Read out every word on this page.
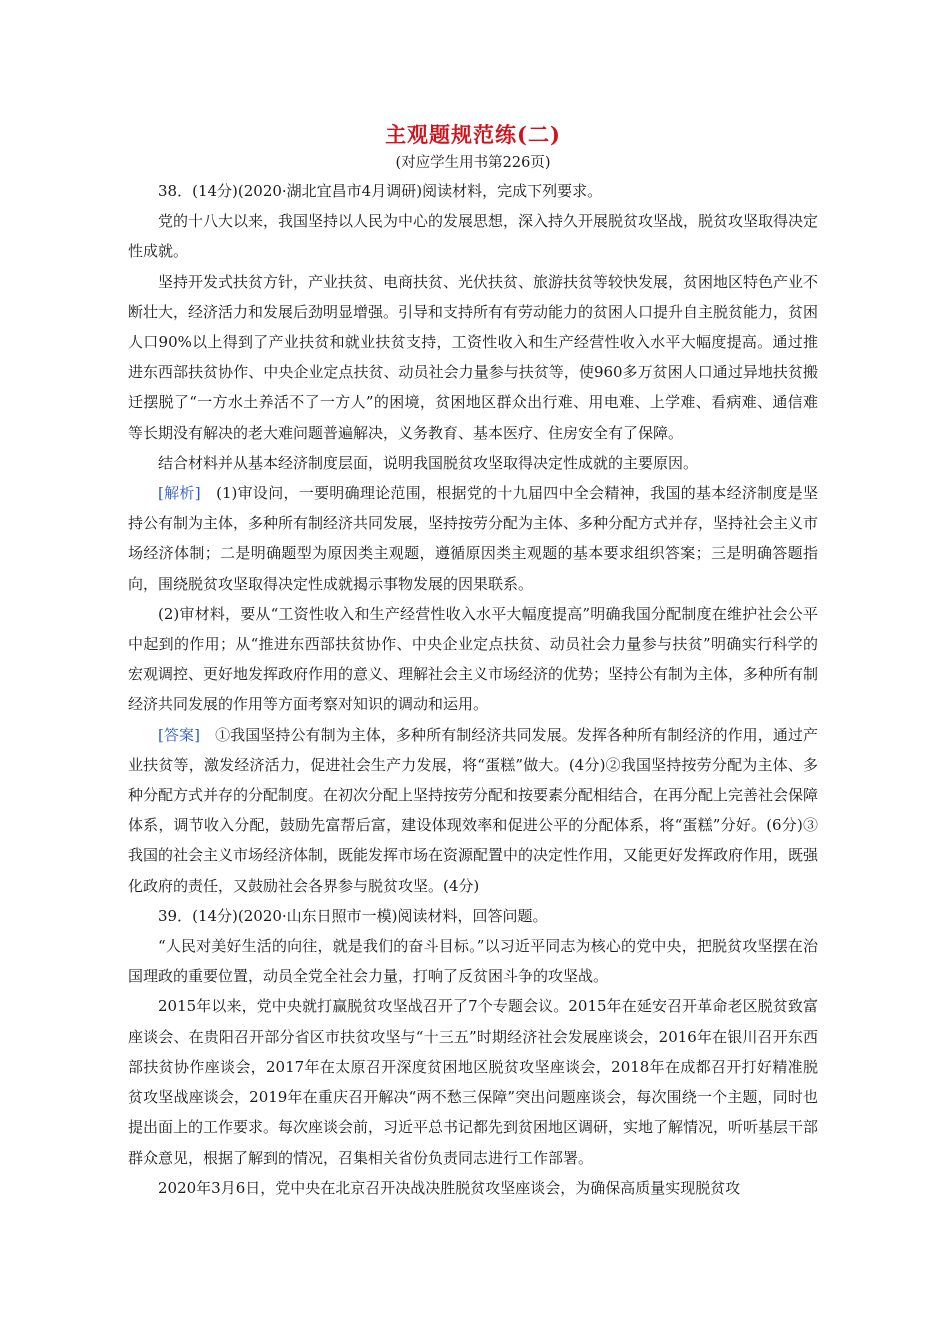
主观题规范练(二)
(对应学生用书第226页)

38．(14分)(2020·湖北宜昌市4月调研)阅读材料，完成下列要求。

党的十八大以来，我国坚持以人民为中心的发展思想，深入持久开展脱贫攻坚战，脱贫攻坚取得决定性成就。

坚持开发式扶贫方针，产业扶贫、电商扶贫、光伏扶贫、旅游扶贫等较快发展，贫困地区特色产业不断壮大，经济活力和发展后劲明显增强。引导和支持所有有劳动能力的贫困人口提升自主脱贫能力，贫困人口90%以上得到了产业扶贫和就业扶贫支持，工资性收入和生产经营性收入水平大幅度提高。通过推进东西部扶贫协作、中央企业定点扶贫、动员社会力量参与扶贫等，使960多万贫困人口通过异地扶贫搬迁摆脱了“一方水土养活不了一方人”的困境，贫困地区群众出行难、用电难、上学难、看病难、通信难等长期没有解决的老大难问题普遍解决，义务教育、基本医疗、住房安全有了保障。

结合材料并从基本经济制度层面，说明我国脱贫攻坚取得决定性成就的主要原因。

[解析]　(1)审设问，一要明确理论范围，根据党的十九届四中全会精神，我国的基本经济制度是坚持公有制为主体，多种所有制经济共同发展，坚持按劳分配为主体、多种分配方式并存，坚持社会主义市场经济体制；二是明确题型为原因类主观题，遵循原因类主观题的基本要求组织答案；三是明确答题指向，围绕脱贫攻坚取得决定性成就揭示事物发展的因果联系。

(2)审材料，要从“工资性收入和生产经营性收入水平大幅度提高”明确我国分配制度在维护社会公平中起到的作用；从“推进东西部扶贫协作、中央企业定点扶贫、动员社会力量参与扶贫”明确实行科学的宏观调控、更好地发挥政府作用的意义、理解社会主义市场经济的优势；坚持公有制为主体，多种所有制经济共同发展的作用等方面考察对知识的调动和运用。

[答案]　①我国坚持公有制为主体，多种所有制经济共同发展。发挥各种所有制经济的作用，通过产业扶贫等，激发经济活力，促进社会生产力发展，将“蛋糕”做大。(4分)②我国坚持按劳分配为主体、多种分配方式并存的分配制度。在初次分配上坚持按劳分配和按要素分配相结合，在再分配上完善社会保障体系，调节收入分配，鼓励先富帮后富，建设体现效率和促进公平的分配体系，将“蛋糕”分好。(6分)③我国的社会主义市场经济体制，既能发挥市场在资源配置中的决定性作用，又能更好发挥政府作用，既强化政府的责任，又鼓励社会各界参与脱贫攻坚。(4分)

39．(14分)(2020·山东日照市一模)阅读材料，回答问题。

“人民对美好生活的向往，就是我们的奋斗目标。”以习近平同志为核心的党中央，把脱贫攻坚摆在治国理政的重要位置，动员全党全社会力量，打响了反贫困斗争的攻坚战。

2015年以来，党中央就打赢脱贫攻坚战召开了7个专题会议。2015年在延安召开革命老区脱贫致富座谈会、在贵阳召开部分省区市扶贫攻坚与“十三五”时期经济社会发展座谈会，2016年在银川召开东西部扶贫协作座谈会，2017年在太原召开深度贫困地区脱贫攻坚座谈会，2018年在成都召开打好精准脱贫攻坚战座谈会，2019年在重庆召开解决“两不愁三保障”突出问题座谈会，每次围绕一个主题，同时也提出面上的工作要求。每次座谈会前，习近平总书记都先到贫困地区调研，实地了解情况，听听基层干部群众意见，根据了解到的情况，召集相关省份负责同志进行工作部署。

2020年3月6日，党中央在北京召开决战决胜脱贫攻坚座谈会，为确保高质量实现脱贫攻
